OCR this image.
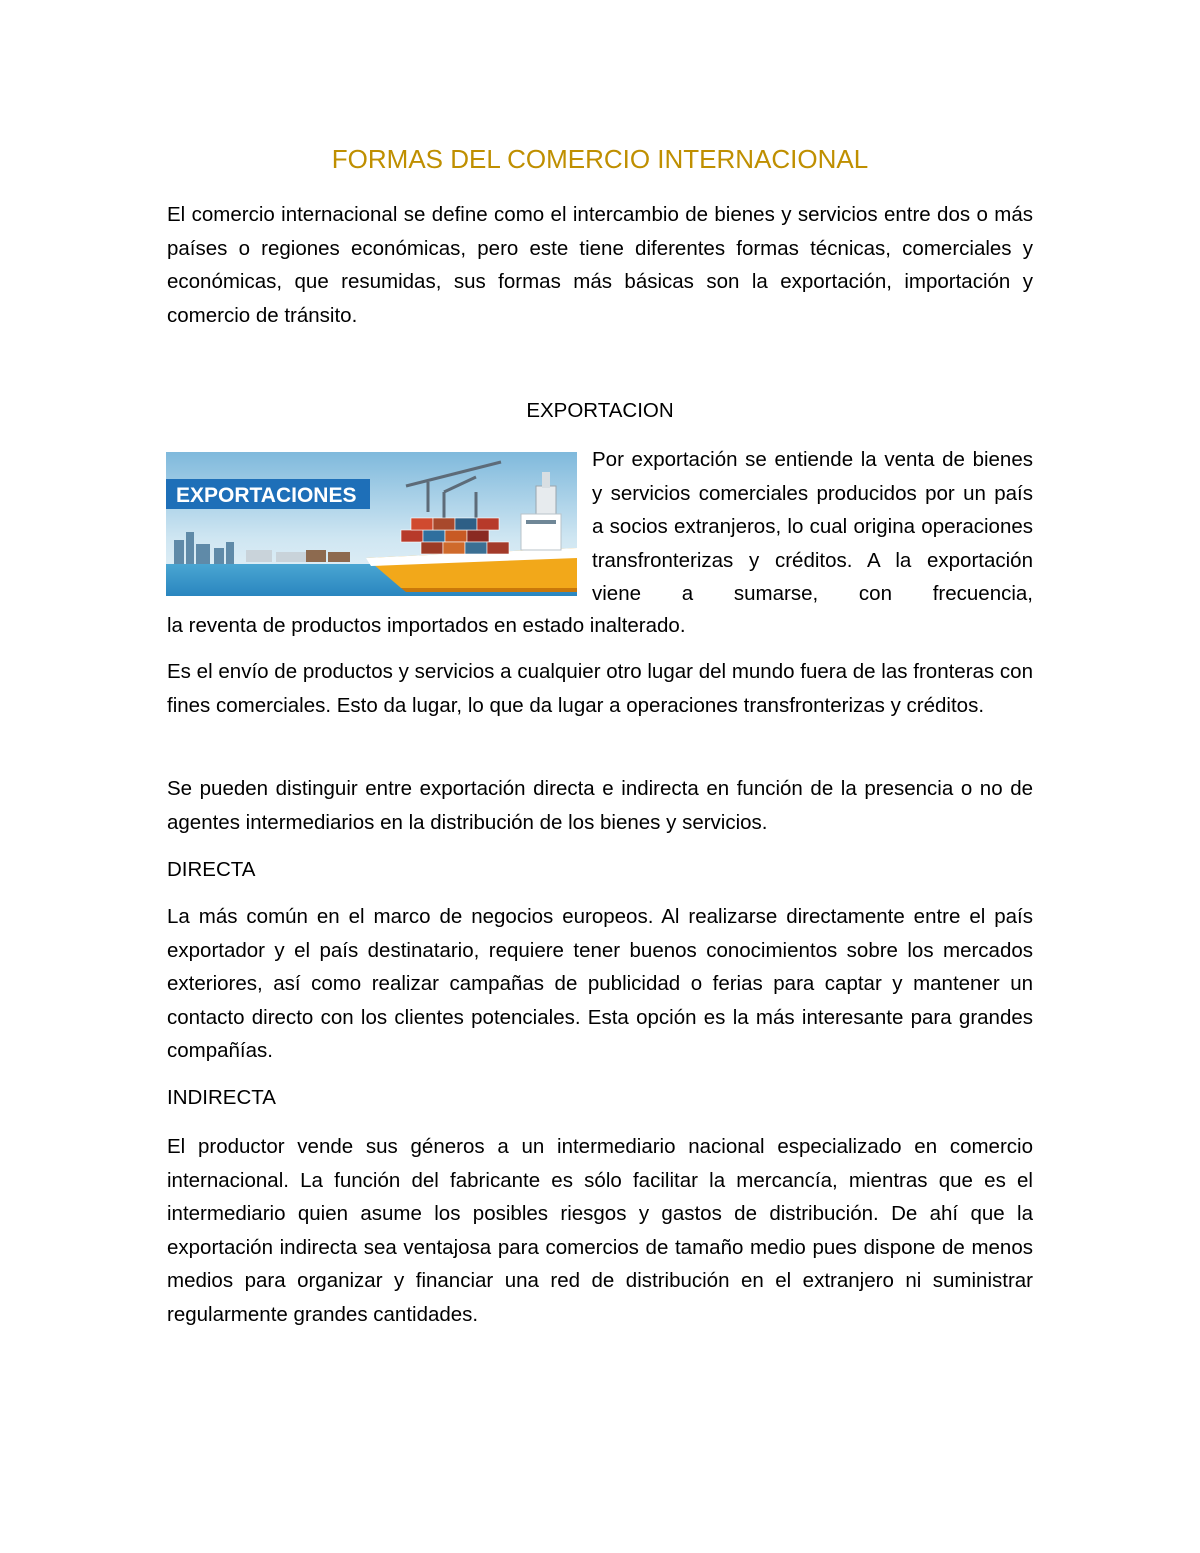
FORMAS DEL COMERCIO INTERNACIONAL

El comercio internacional se define como el intercambio de bienes y servicios entre dos o más países o regiones económicas, pero este tiene diferentes formas técnicas, comerciales y económicas, que resumidas, sus formas más básicas son la exportación, importación y comercio de tránsito.

EXPORTACION

EXPORTACIONES

Por exportación se entiende la venta de bienes y servicios comerciales producidos por un país a socios extranjeros, lo cual origina operaciones transfronterizas y créditos. A la exportación viene a sumarse, con frecuencia,

la reventa de productos importados en estado inalterado.

Es el envío de productos y servicios a cualquier otro lugar del mundo fuera de las fronteras con fines comerciales. Esto da lugar, lo que da lugar a operaciones transfronterizas y créditos.

Se pueden distinguir entre exportación directa e indirecta en función de la presencia o no de agentes intermediarios en la distribución de los bienes y servicios.

DIRECTA

La más común en el marco de negocios europeos. Al realizarse directamente entre el país exportador y el país destinatario, requiere tener buenos conocimientos sobre los mercados exteriores, así como realizar campañas de publicidad o ferias para captar y mantener un contacto directo con los clientes potenciales. Esta opción es la más interesante para grandes compañías.

INDIRECTA

El productor vende sus géneros a un intermediario nacional especializado en comercio internacional. La función del fabricante es sólo facilitar la mercancía, mientras que es el intermediario quien asume los posibles riesgos y gastos de distribución. De ahí que la exportación indirecta sea ventajosa para comercios de tamaño medio pues dispone de menos medios para organizar y financiar una red de distribución en el extranjero ni suministrar regularmente grandes cantidades.
